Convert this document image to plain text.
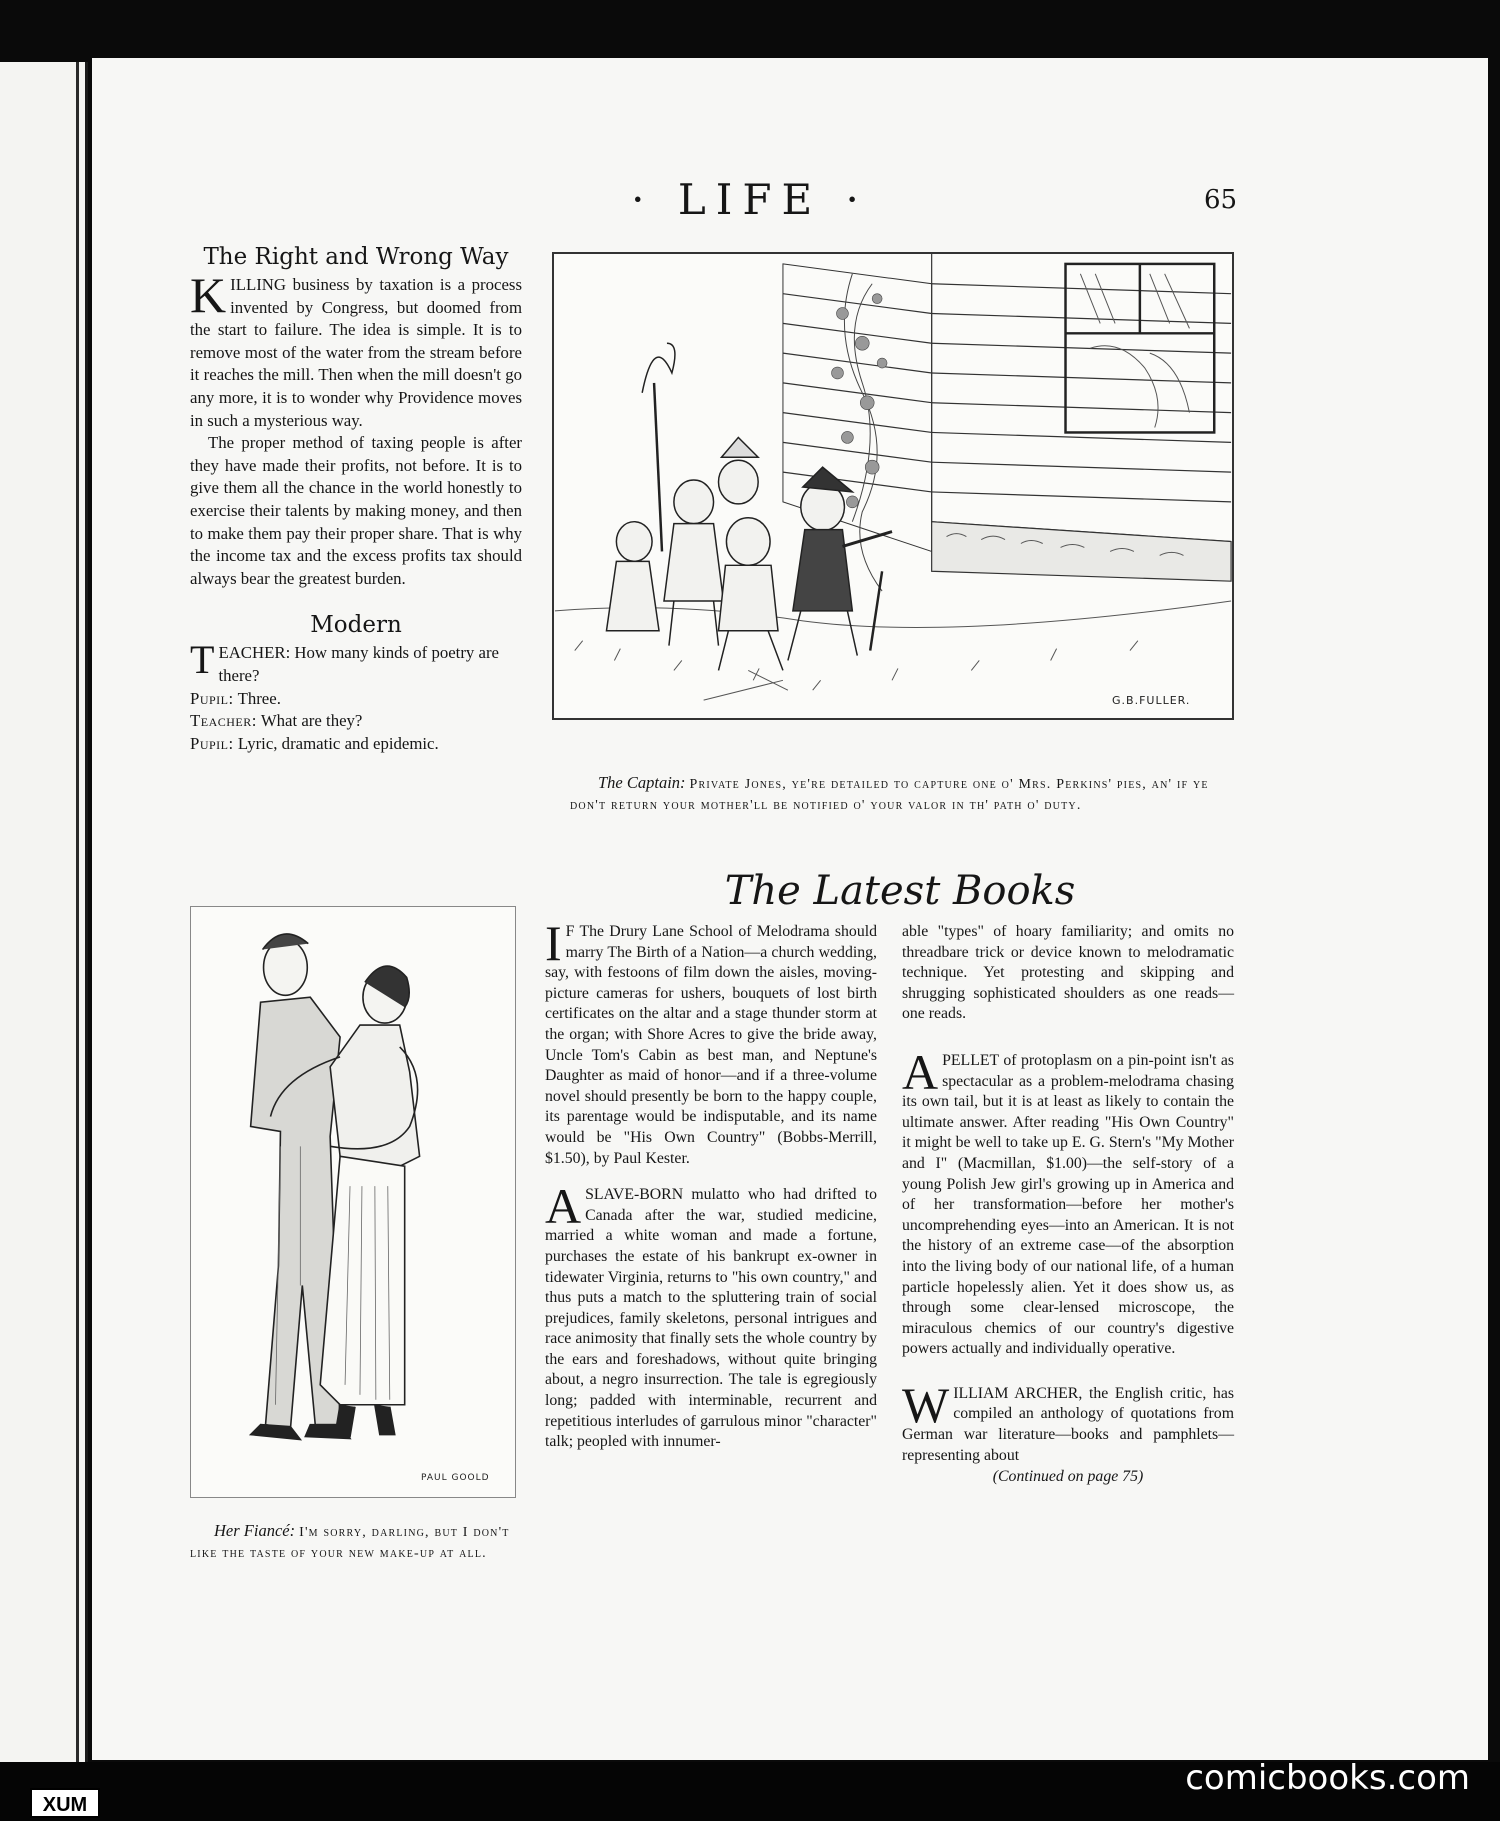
· LIFE ·	65
The Right and Wrong Way

KILLING business by taxation is a process invented by Congress, but doomed from the start to failure. The idea is simple. It is to remove most of the water from the stream before it reaches the mill. Then when the mill doesn't go any more, it is to wonder why Providence moves in such a mysterious way.

The proper method of taxing people is after they have made their profits, not before. It is to give them all the chance in the world honestly to exercise their talents by making money, and then to make them pay their proper share. That is why the income tax and the excess profits tax should always bear the greatest burden.

Modern
TEACHER: How many kinds of poetry are there?
Pupil: Three.
Teacher: What are they?
Pupil: Lyric, dramatic and epidemic.
G.B.FULLER.
The Captain: Private Jones, ye're detailed to capture one o' Mrs. Perkins' pies, an' if ye don't return your mother'll be notified o' your valor in th' path o' duty.
PAUL GOOLD
Her Fiancé: I'm sorry, darling, but I don't like the taste of your new make-up at all.
The Latest Books
I F The Drury Lane School of Melodrama should marry The Birth of a Nation—a church wedding, say, with festoons of film down the aisles, moving-picture cameras for ushers, bouquets of lost birth certificates on the altar and a stage thunder storm at the organ; with Shore Acres to give the bride away, Uncle Tom's Cabin as best man, and Neptune's Daughter as maid of honor—and if a three-volume novel should presently be born to the happy couple, its parentage would be indisputable, and its name would be "His Own Country" (Bobbs-Merrill, $1.50), by Paul Kester.
ASLAVE-BORN mulatto who had drifted to Canada after the war, studied medicine, married a white woman and made a fortune, purchases the estate of his bankrupt ex-owner in tidewater Virginia, returns to "his own country," and thus puts a match to the spluttering train of social prejudices, family skeletons, personal intrigues and race animosity that finally sets the whole country by the ears and foreshadows, without quite bringing about, a negro insurrection. The tale is egregiously long; padded with interminable, recurrent and repetitious interludes of garrulous minor "character" talk; peopled with innumer-
able "types" of hoary familiarity; and omits no threadbare trick or device known to melodramatic technique. Yet protesting and skipping and shrugging sophisticated shoulders as one reads—one reads.
APELLET of protoplasm on a pin-point isn't as spectacular as a problem-melodrama chasing its own tail, but it is at least as likely to contain the ultimate answer. After reading "His Own Country" it might be well to take up E. G. Stern's "My Mother and I" (Macmillan, $1.00)—the self-story of a young Polish Jew girl's growing up in America and of her transformation—before her mother's uncomprehending eyes—into an American. It is not the history of an extreme case—of the absorption into the living body of our national life, of a human particle hopelessly alien. Yet it does show us, as through some clear-lensed microscope, the miraculous chemics of our country's digestive powers actually and individually operative.
WILLIAM ARCHER, the English critic, has compiled an anthology of quotations from German war literature—books and pamphlets—representing about
(Continued on page 75)
XUM
comicbooks.com
